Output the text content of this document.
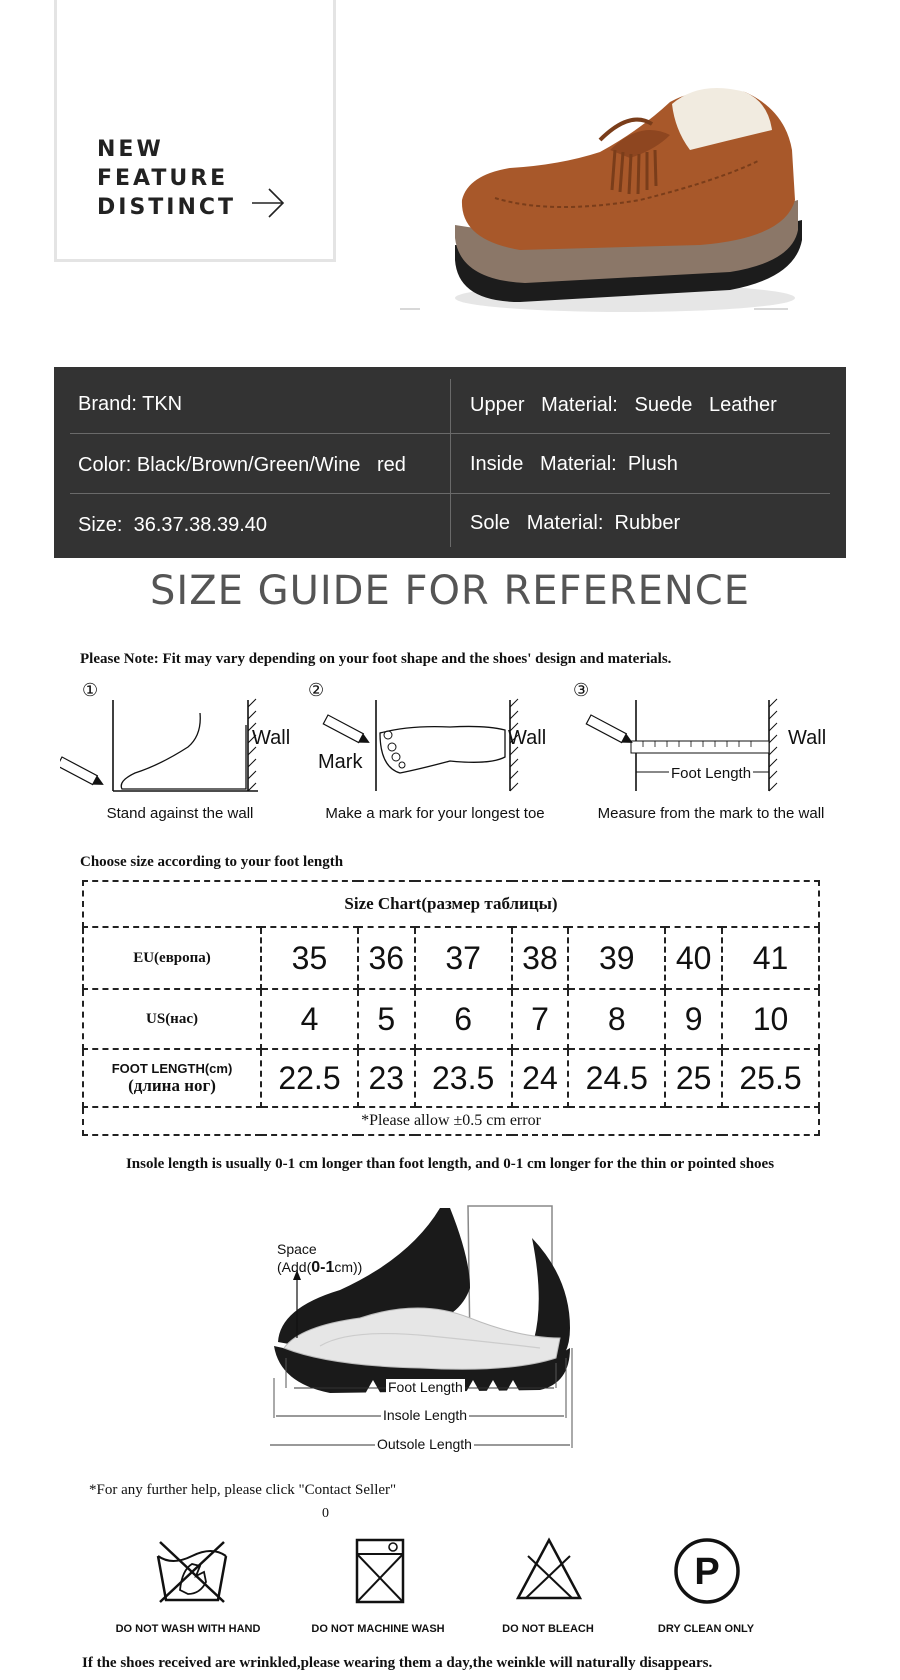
NEW
FEATURE
DISTINCT
Brand: TKN	Upper   Material:   Suede   Leather
Color: Black/Brown/Green/Wine   red	Inside   Material:  Plush
Size:  36.37.38.39.40	Sole   Material:  Rubber
SIZE GUIDE FOR REFERENCE
Please Note: Fit may vary depending on your foot shape and the shoes' design and materials.
①
Wall
Stand against the wall
②
Mark
Wall
Make a mark for your longest toe
③
Foot Length
Wall
Measure from the mark to the wall
Choose size according to your foot length
Size Chart(размер таблицы)							
EU(европа)	35	36	37	38	39	40	41
US(нас)	4	5	6	7	8	9	10

FOOT LENGTH(cm)
(длина ног)	22.5	23	23.5	24	24.5	25	25.5
*Please allow ±0.5 cm error							
Insole length is usually 0-1 cm longer than foot length, and 0-1 cm longer for the thin or pointed shoes
Space
(Add(0-1cm))
Foot Length
Insole Length
Outsole Length
*For any further help, please click "Contact Seller"
0
P
DO NOT WASH WITH HAND	DO NOT MACHINE WASH	DO NOT BLEACH	DRY CLEAN ONLY
If the shoes received are wrinkled,please wearing them a day,the weinkle will naturally disappears.
